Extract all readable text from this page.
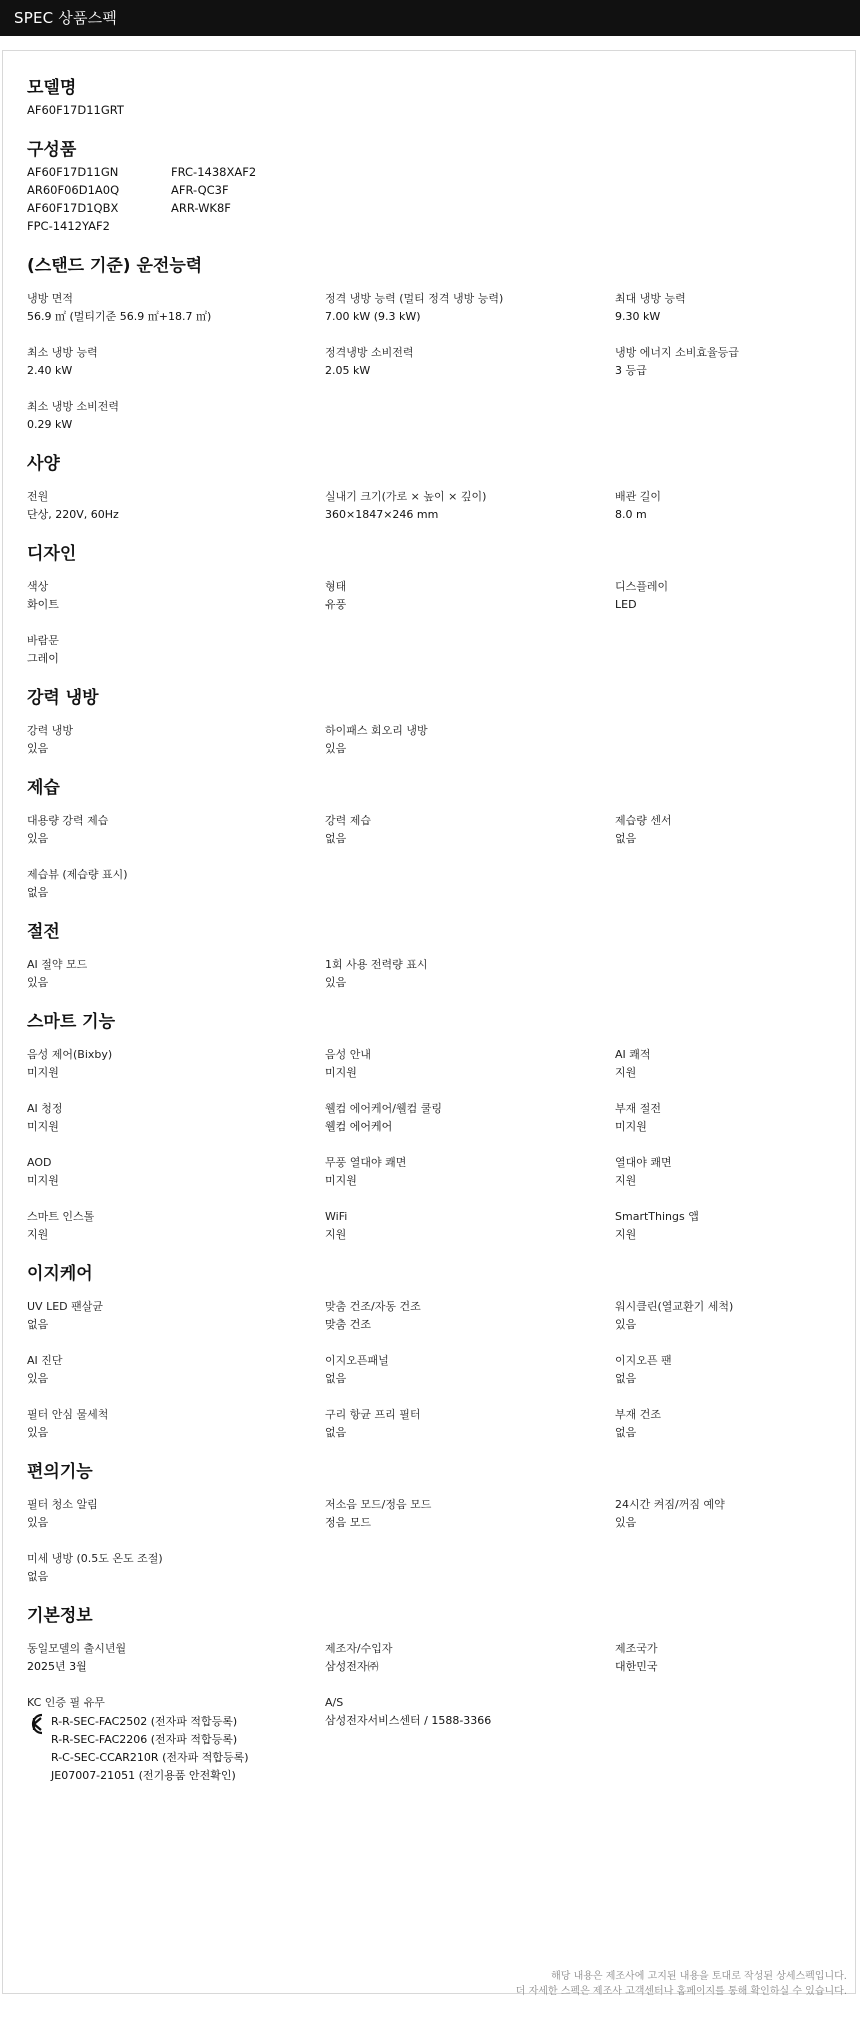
SPEC 상품스펙
모델명
AF60F17D11GRT
구성품
AF60F17D11GN	FRC-1438XAF2
AR60F06D1A0Q	AFR-QC3F
AF60F17D1QBX	ARR-WK8F
FPC-1412YAF2
(스탠드 기준) 운전능력
냉방 면적
56.9 ㎡ (멀티기준 56.9 ㎡+18.7 ㎡)
정격 냉방 능력 (멀티 정격 냉방 능력)
7.00 kW (9.3 kW)
최대 냉방 능력
9.30 kW
최소 냉방 능력
2.40 kW
정격냉방 소비전력
2.05 kW
냉방 에너지 소비효율등급
3 등급
최소 냉방 소비전력
0.29 kW
사양
전원
단상, 220V, 60Hz
실내기 크기(가로 × 높이 × 깊이)
360×1847×246 mm
배관 길이
8.0 m
디자인
색상
화이트
형태
유풍
디스플레이
LED
바람문
그레이
강력 냉방
강력 냉방
있음
하이패스 회오리 냉방
있음
제습
대용량 강력 제습
있음
강력 제습
없음
제습량 센서
없음
제습뷰 (제습량 표시)
없음
절전
AI 절약 모드
있음
1회 사용 전력량 표시
있음
스마트 기능
음성 제어(Bixby)
미지원
음성 안내
미지원
AI 쾌적
지원
AI 청정
미지원
웰컴 에어케어/웰컴 쿨링
웰컴 에어케어
부재 절전
미지원
AOD
미지원
무풍 열대야 쾌면
미지원
열대야 쾌면
지원
스마트 인스톨
지원
WiFi
지원
SmartThings 앱
지원
이지케어
UV LED 팬살균
없음
맞춤 건조/자동 건조
맞춤 건조
워시클린(열교환기 세척)
있음
AI 진단
있음
이지오픈패널
없음
이지오픈 팬
없음
필터 안심 물세척
있음
구리 항균 프리 필터
없음
부재 건조
없음
편의기능
필터 청소 알림
있음
저소음 모드/정음 모드
정음 모드
24시간 켜짐/꺼짐 예약
있음
미세 냉방 (0.5도 온도 조절)
없음
기본정보
동일모델의 출시년월
2025년 3월
제조자/수입자
삼성전자㈜
제조국가
대한민국
KC 인증 필 유무
R-R-SEC-FAC2502 (전자파 적합등록)
R-R-SEC-FAC2206 (전자파 적합등록)
R-C-SEC-CCAR210R (전자파 적합등록)
JE07007-21051 (전기용품 안전확인)
A/S
삼성전자서비스센터 / 1588-3366
해당 내용은 제조사에 고지된 내용을 토대로 작성된 상세스펙입니다.
더 자세한 스펙은 제조사 고객센터나 홈페이지를 통해 확인하실 수 있습니다.
